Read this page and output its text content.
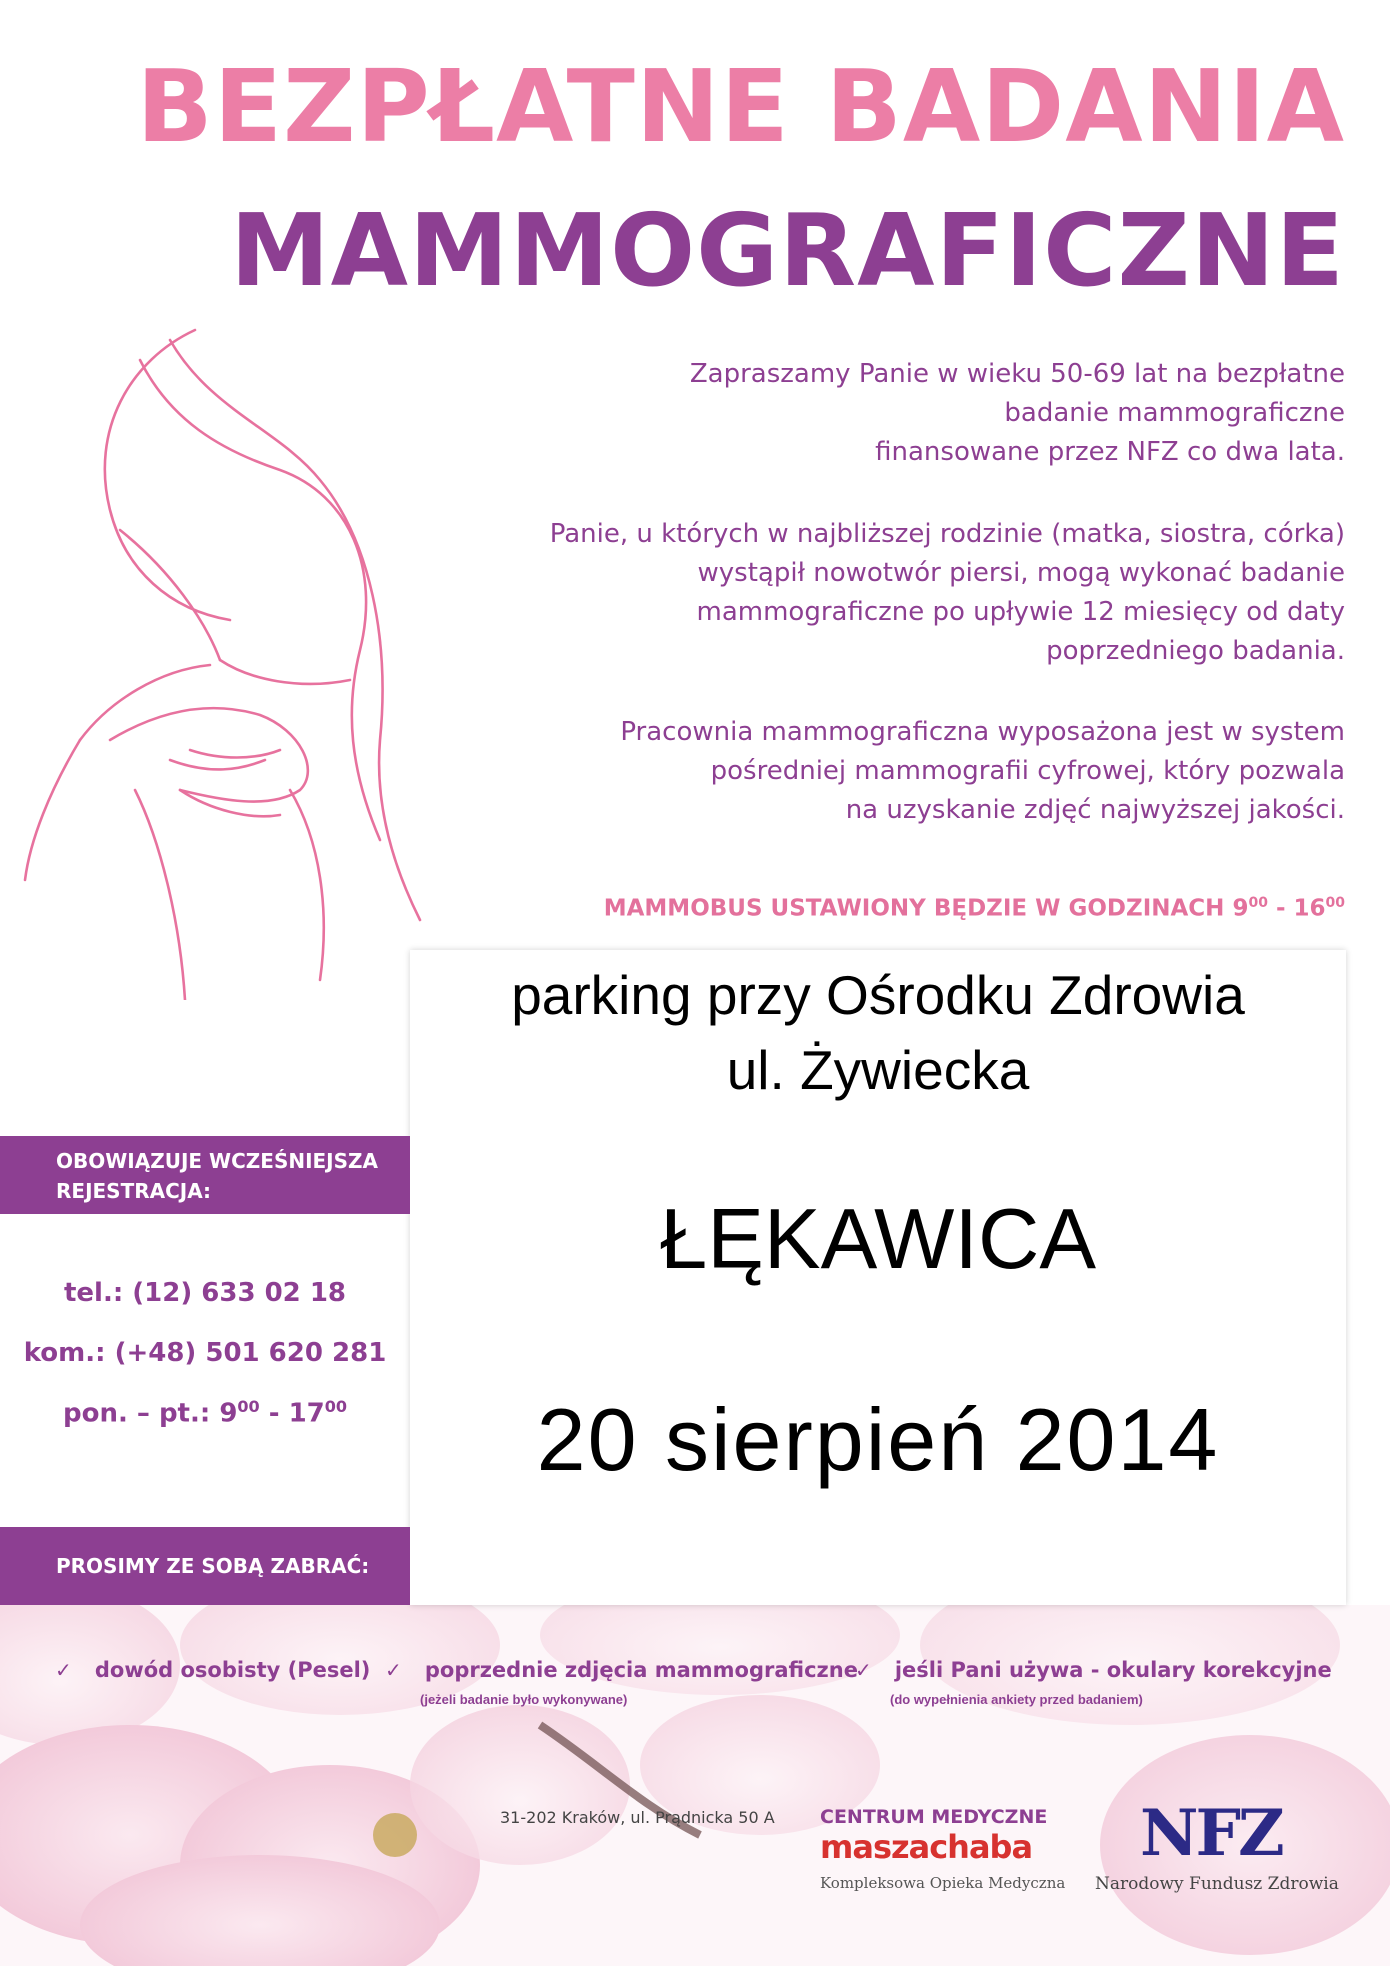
BEZPŁATNE BADANIA
MAMMOGRAFICZNE
Zapraszamy Panie w wieku 50-69 lat na bezpłatne
badanie mammograficzne
finansowane przez NFZ co dwa lata.
Panie, u których w najbliższej rodzinie (matka, siostra, córka)
wystąpił nowotwór piersi, mogą wykonać badanie
mammograficzne po upływie 12 miesięcy od daty
poprzedniego badania.
Pracownia mammograficzna wyposażona jest w system
pośredniej mammografii cyfrowej, który pozwala
na uzyskanie zdjęć najwyższej jakości.
MAMMOBUS USTAWIONY BĘDZIE W GODZINACH $9^{00} - 16^{00}$
parking przy Ośrodku Zdrowia
ul. Żywiecka
ŁĘKAWICA
20 sierpień 2014
OBOWIĄZUJE WCZEŚNIEJSZA
REJESTRACJA:
tel.: (12) 633 02 18
kom.: (+48) 501 620 281
pon. – pt.: $9^{00} - 17^{00}$
PROSIMY ZE SOBĄ ZABRAĆ:
✓ dowód osobisty (Pesel) ✓ poprzednie zdjęcia mammograficzne
(jeżeli badanie było wykonywane)
✓ jeśli Pani używa - okulary korekcyjne
(do wypełnienia ankiety przed badaniem)
31-202 Kraków, ul. Prądnicka 50 A CENTRUM MEDYCZNE
maszachaba
Kompleksowa Opieka Medyczna
NFZ
Narodowy Fundusz Zdrowia
